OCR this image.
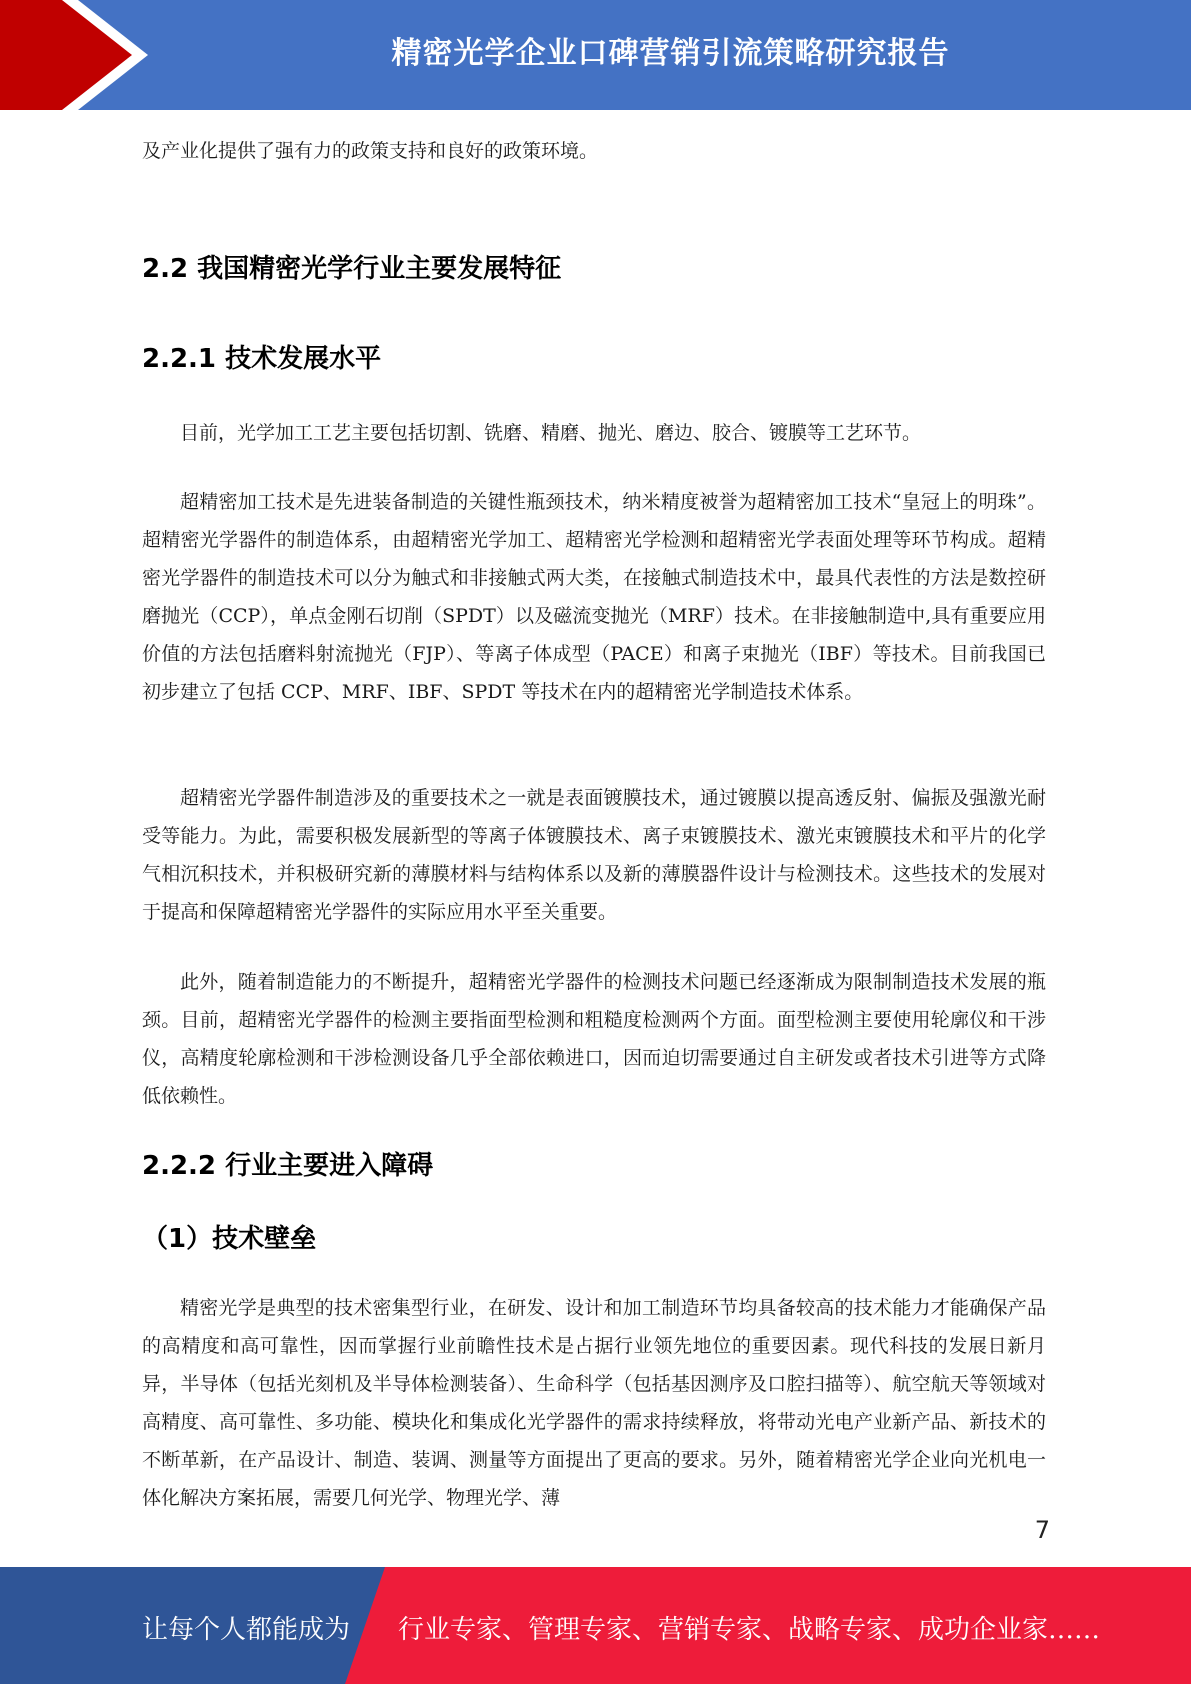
精密光学企业口碑营销引流策略研究报告

及产业化提供了强有力的政策支持和良好的政策环境。

2.2 我国精密光学行业主要发展特征
2.2.1 技术发展水平

目前，光学加工工艺主要包括切割、铣磨、精磨、抛光、磨边、胶合、镀膜等工艺环节。

超精密加工技术是先进装备制造的关键性瓶颈技术，纳米精度被誉为超精密加工技术“皇冠上的明珠”。超精密光学器件的制造体系，由超精密光学加工、超精密光学检测和超精密光学表面处理等环节构成。超精密光学器件的制造技术可以分为触式和非接触式两大类，在接触式制造技术中，最具代表性的方法是数控研磨抛光（CCP），单点金刚石切削（SPDT）以及磁流变抛光（MRF）技术。在非接触制造中,具有重要应用价值的方法包括磨料射流抛光（FJP）、等离子体成型（PACE）和离子束抛光（IBF）等技术。目前我国已初步建立了包括 CCP、MRF、IBF、SPDT 等技术在内的超精密光学制造技术体系。

超精密光学器件制造涉及的重要技术之一就是表面镀膜技术，通过镀膜以提高透反射、偏振及强激光耐受等能力。为此，需要积极发展新型的等离子体镀膜技术、离子束镀膜技术、激光束镀膜技术和平片的化学气相沉积技术，并积极研究新的薄膜材料与结构体系以及新的薄膜器件设计与检测技术。这些技术的发展对于提高和保障超精密光学器件的实际应用水平至关重要。

此外，随着制造能力的不断提升，超精密光学器件的检测技术问题已经逐渐成为限制制造技术发展的瓶颈。目前，超精密光学器件的检测主要指面型检测和粗糙度检测两个方面。面型检测主要使用轮廓仪和干涉仪，高精度轮廓检测和干涉检测设备几乎全部依赖进口，因而迫切需要通过自主研发或者技术引进等方式降低依赖性。

2.2.2 行业主要进入障碍
（1）技术壁垒

精密光学是典型的技术密集型行业，在研发、设计和加工制造环节均具备较高的技术能力才能确保产品的高精度和高可靠性，因而掌握行业前瞻性技术是占据行业领先地位的重要因素。现代科技的发展日新月异，半导体（包括光刻机及半导体检测装备）、生命科学（包括基因测序及口腔扫描等）、航空航天等领域对高精度、高可靠性、多功能、模块化和集成化光学器件的需求持续释放，将带动光电产业新产品、新技术的不断革新，在产品设计、制造、装调、测量等方面提出了更高的要求。另外，随着精密光学企业向光机电一体化解决方案拓展，需要几何光学、物理光学、薄

7
让每个人都能成为 行业专家、管理专家、营销专家、战略专家、成功企业家……
